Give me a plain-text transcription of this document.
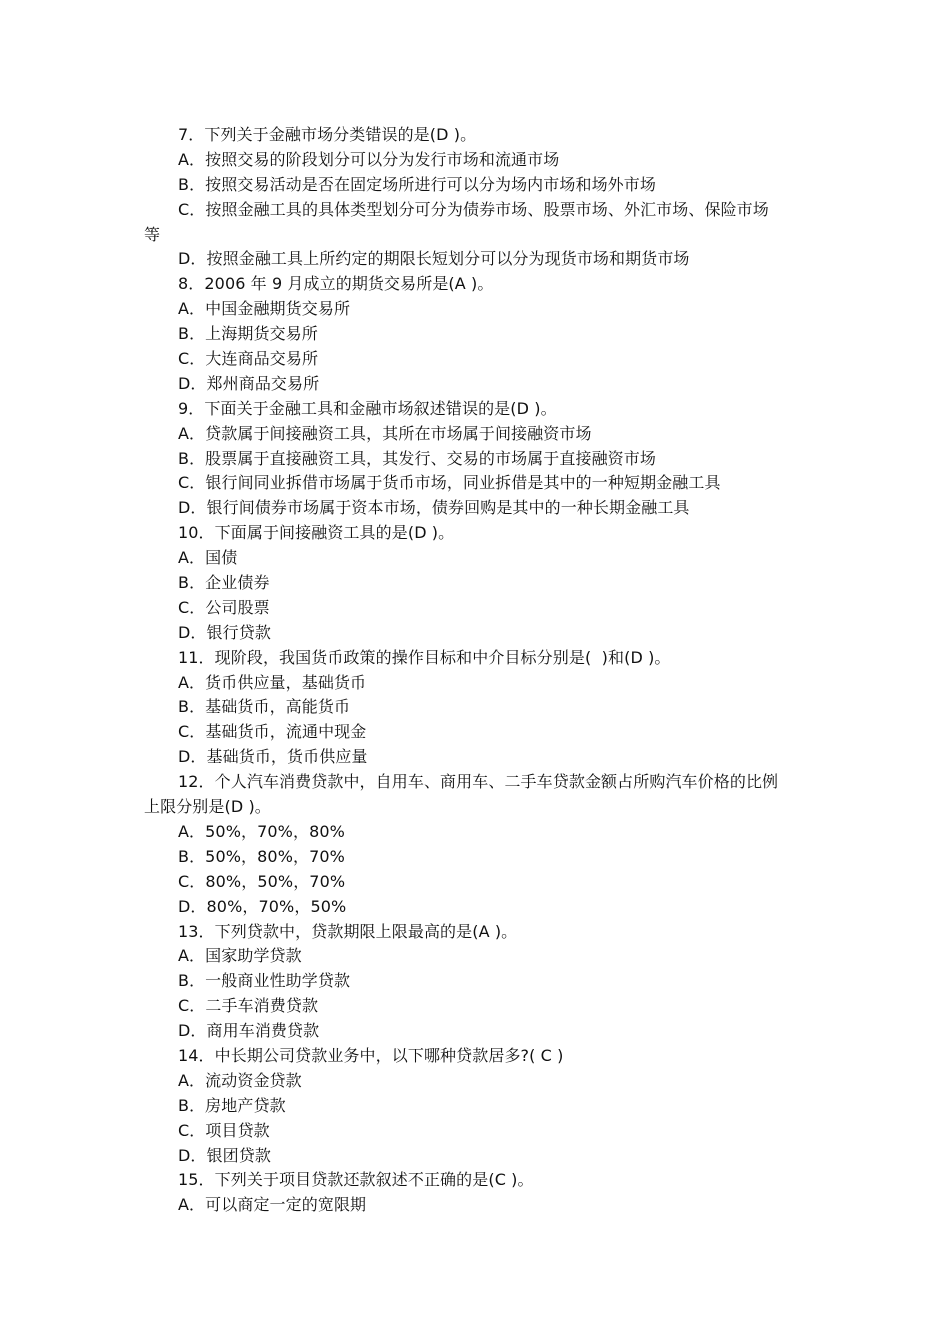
7．下列关于金融市场分类错误的是(D )。
A．按照交易的阶段划分可以分为发行市场和流通市场
B．按照交易活动是否在固定场所进行可以分为场内市场和场外市场
C．按照金融工具的具体类型划分可分为债券市场、股票市场、外汇市场、保险市场
等
D．按照金融工具上所约定的期限长短划分可以分为现货市场和期货市场
8．2006 年 9 月成立的期货交易所是(A )。
A．中国金融期货交易所
B．上海期货交易所
C．大连商品交易所
D．郑州商品交易所
9．下面关于金融工具和金融市场叙述错误的是(D )。
A．贷款属于间接融资工具，其所在市场属于间接融资市场
B．股票属于直接融资工具，其发行、交易的市场属于直接融资市场
C．银行间同业拆借市场属于货币市场，同业拆借是其中的一种短期金融工具
D．银行间债券市场属于资本市场，债券回购是其中的一种长期金融工具
10．下面属于间接融资工具的是(D )。
A．国债
B．企业债券
C．公司股票
D．银行贷款
11．现阶段，我国货币政策的操作目标和中介目标分别是(  )和(D )。
A．货币供应量，基础货币
B．基础货币，高能货币
C．基础货币，流通中现金
D．基础货币，货币供应量
12．个人汽车消费贷款中，自用车、商用车、二手车贷款金额占所购汽车价格的比例
上限分别是(D )。
A．50%，70%，80%
B．50%，80%，70%
C．80%，50%，70%
D．80%，70%，50%
13．下列贷款中，贷款期限上限最高的是(A )。
A．国家助学贷款
B．一般商业性助学贷款
C．二手车消费贷款
D．商用车消费贷款
14．中长期公司贷款业务中，以下哪种贷款居多?( C )
A．流动资金贷款
B．房地产贷款
C．项目贷款
D．银团贷款
15．下列关于项目贷款还款叙述不正确的是(C )。
A．可以商定一定的宽限期
